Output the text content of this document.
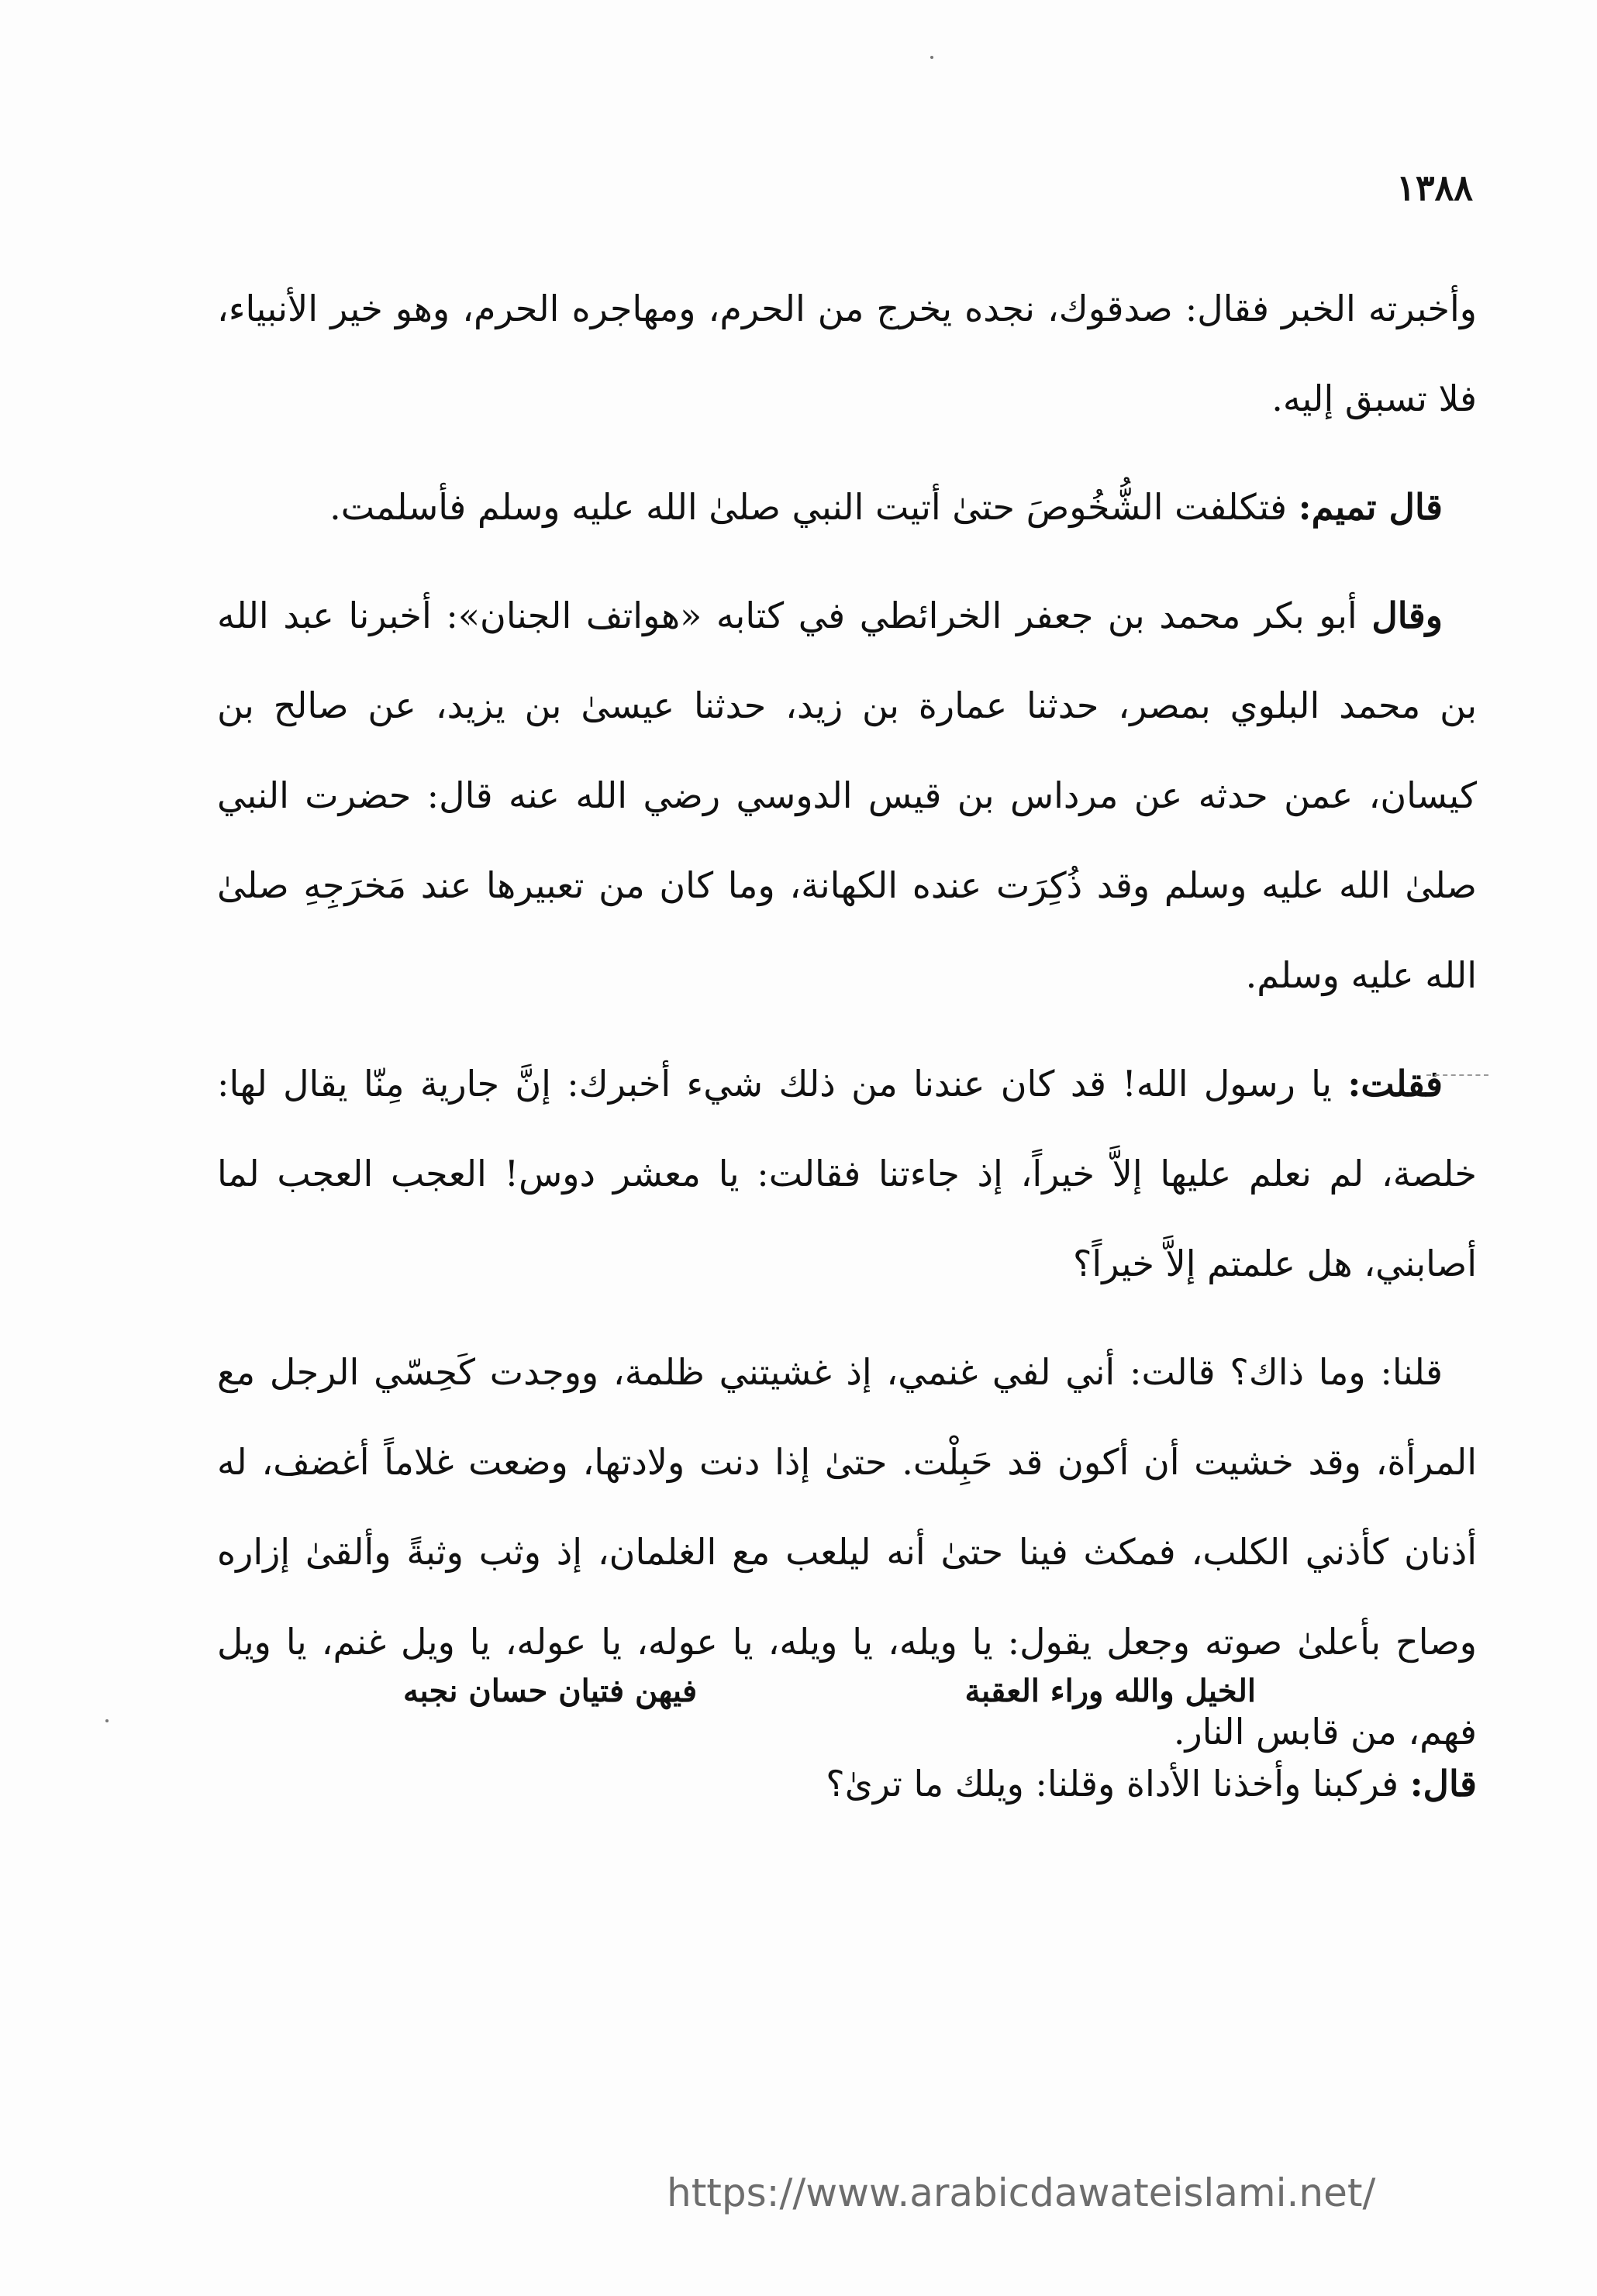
١٣٨٨

وأخبرته الخبر فقال: صدقوك، نجده يخرج من الحرم، ومهاجره الحرم، وهو خير الأنبياء، فلا تسبق إليه.

قال تميم: فتكلفت الشُّخُوصَ حتىٰ أتيت النبي صلىٰ الله عليه وسلم فأسلمت.

وقال أبو بكر محمد بن جعفر الخرائطي في كتابه «هواتف الجنان»: أخبرنا عبد الله بن محمد البلوي بمصر، حدثنا عمارة بن زيد، حدثنا عيسىٰ بن يزيد، عن صالح بن كيسان، عمن حدثه عن مرداس بن قيس الدوسي رضي الله عنه قال: حضرت النبي صلىٰ الله عليه وسلم وقد ذُكِرَت عنده الكهانة، وما كان من تعبيرها عند مَخرَجِهِ صلىٰ الله عليه وسلم.

فقلت: يا رسول الله! قد كان عندنا من ذلك شيء أخبرك: إنَّ جارية مِنّا يقال لها: خلصة، لم نعلم عليها إلاَّ خيراً، إذ جاءتنا فقالت: يا معشر دوس! العجب العجب لما أصابني، هل علمتم إلاَّ خيراً؟

قلنا: وما ذاك؟ قالت: أني لفي غنمي، إذ غشيتني ظلمة، ووجدت كَحِسّي الرجل مع المرأة، وقد خشيت أن أكون قد حَبِلْت. حتىٰ إذا دنت ولادتها، وضعت غلاماً أغضف، له أذنان كأذني الكلب، فمكث فينا حتىٰ أنه ليلعب مع الغلمان، إذ وثب وثبةً وألقىٰ إزاره وصاح بأعلىٰ صوته وجعل يقول: يا ويله، يا ويله، يا عوله، يا عوله، يا ويل غنم، يا ويل فهم، من قابس النار.

الخيل والله وراء العقبة

فيهن فتيان حسان نجبه

قال: فركبنا وأخذنا الأداة وقلنا: ويلك ما ترىٰ؟

https://www.arabicdawateislami.net/
